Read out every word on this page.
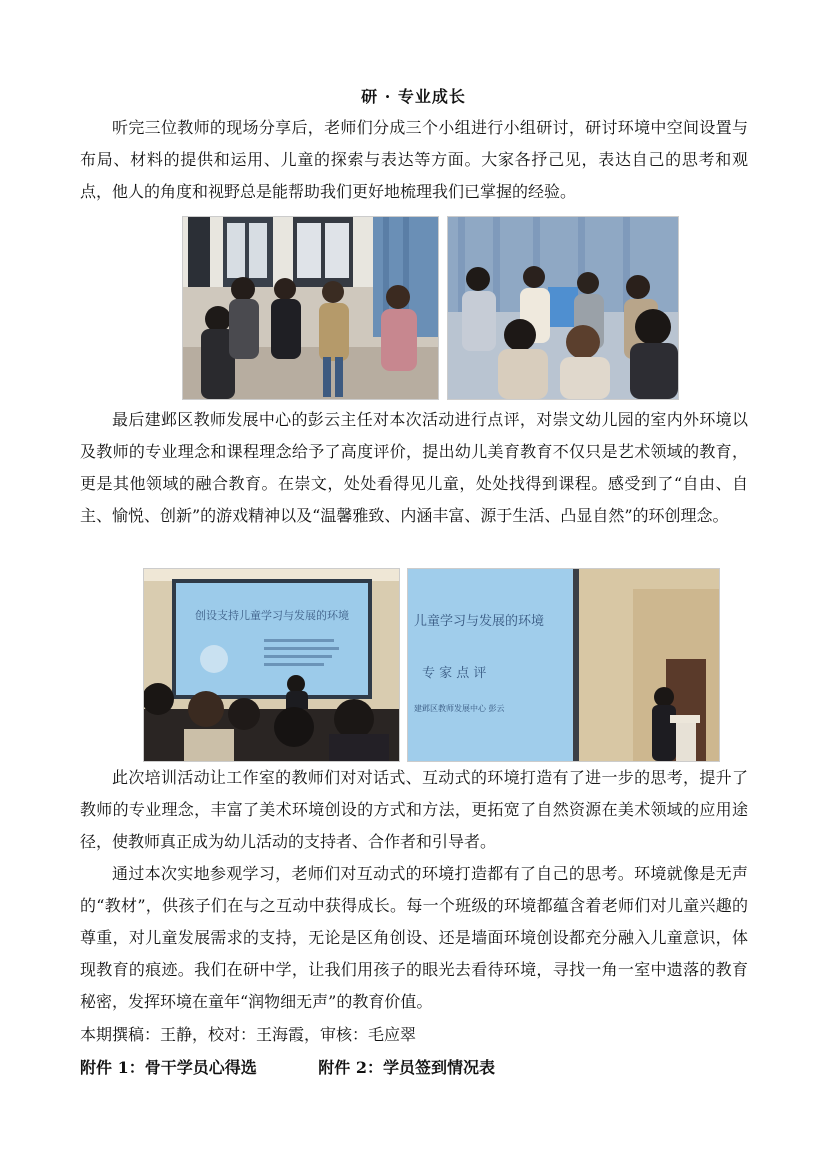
研 · 专业成长

听完三位教师的现场分享后，老师们分成三个小组进行小组研讨，研讨环境中空间设置与布局、材料的提供和运用、儿童的探索与表达等方面。大家各抒己见，表达自己的思考和观点，他人的角度和视野总是能帮助我们更好地梳理我们已掌握的经验。

最后建邺区教师发展中心的彭云主任对本次活动进行点评，对崇文幼儿园的室内外环境以及教师的专业理念和课程理念给予了高度评价，提出幼儿美育教育不仅只是艺术领域的教育，更是其他领域的融合教育。在崇文，处处看得见儿童，处处找得到课程。感受到了“自由、自主、愉悦、创新”的游戏精神以及“温馨雅致、内涵丰富、源于生活、凸显自然”的环创理念。

创设支持儿童学习与发展的环境	儿童学习与发展的环境
专 家 点 评
建邺区教师发展中心 彭云

此次培训活动让工作室的教师们对对话式、互动式的环境打造有了进一步的思考，提升了教师的专业理念，丰富了美术环境创设的方式和方法，更拓宽了自然资源在美术领域的应用途径，使教师真正成为幼儿活动的支持者、合作者和引导者。

通过本次实地参观学习，老师们对互动式的环境打造都有了自己的思考。环境就像是无声的“教材”，供孩子们在与之互动中获得成长。每一个班级的环境都蕴含着老师们对儿童兴趣的尊重，对儿童发展需求的支持，无论是区角创设、还是墙面环境创设都充分融入儿童意识，体现教育的痕迹。我们在研中学，让我们用孩子的眼光去看待环境，寻找一角一室中遗落的教育秘密，发挥环境在童年“润物细无声”的教育价值。

本期撰稿：王静，校对：王海霞，审核：毛应翠
附件 1：骨干学员心得选	附件 2：学员签到情况表
